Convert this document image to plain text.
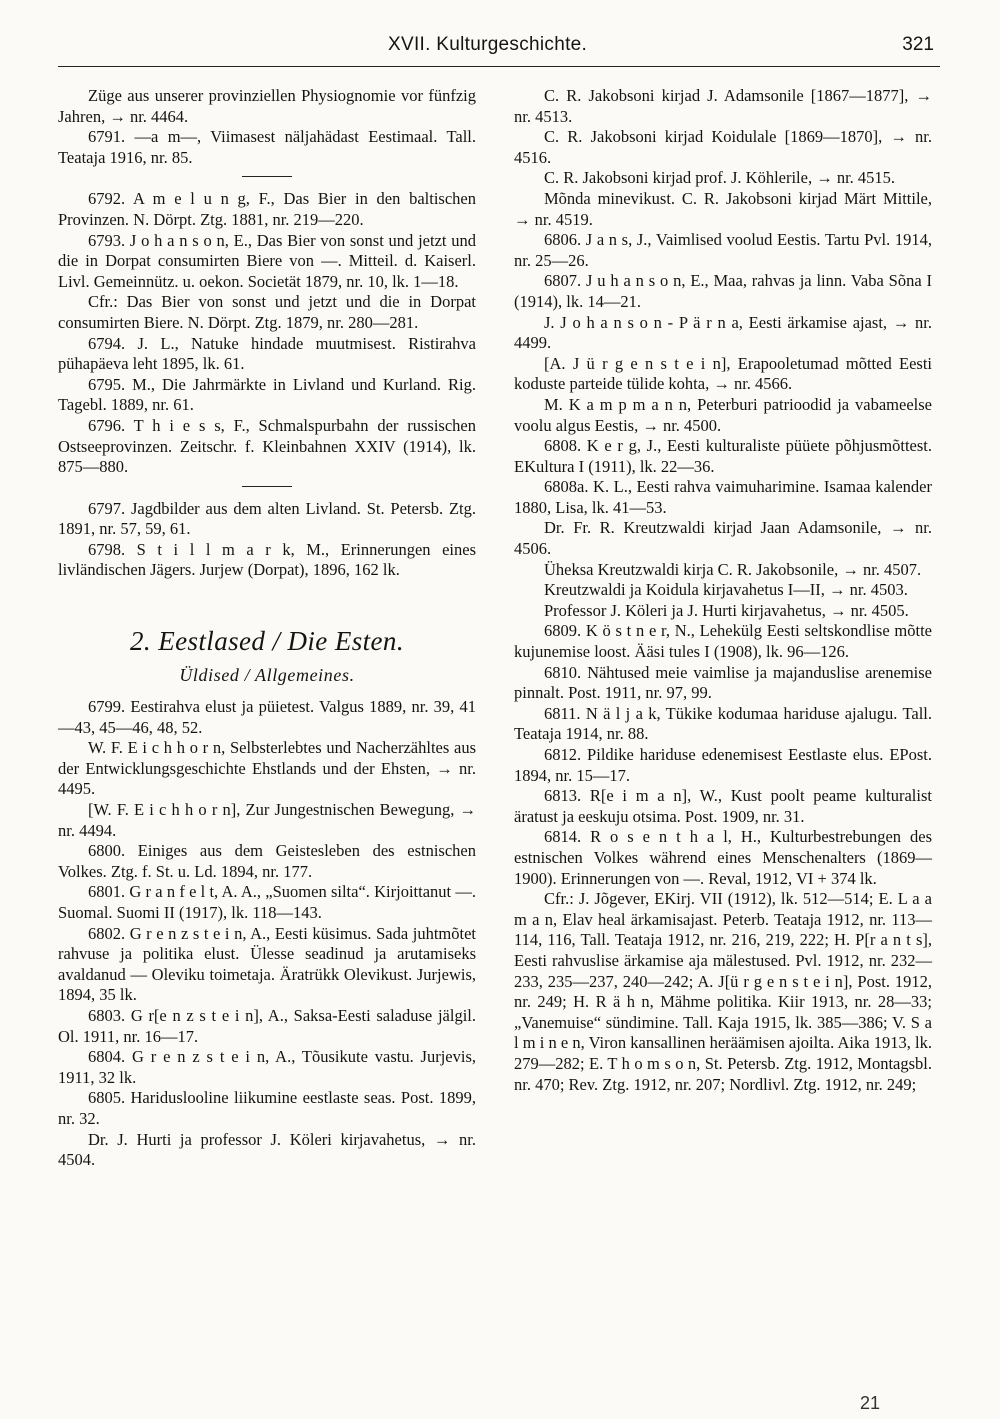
XVII. Kulturgeschichte.	321

Züge aus unserer provinziellen Physiognomie vor fünfzig Jahren, → nr. 4464.

6791. —a m—, Viimasest näljahädast Eestimaal. Tall. Teataja 1916, nr. 85.

6792. A m e l u n g, F., Das Bier in den baltischen Provinzen. N. Dörpt. Ztg. 1881, nr. 219—220.

6793. J o h a n s o n, E., Das Bier von sonst und jetzt und die in Dorpat consumirten Biere von —. Mitteil. d. Kaiserl. Livl. Gemeinnütz. u. oekon. Societät 1879, nr. 10, lk. 1—18.

Cfr.: Das Bier von sonst und jetzt und die in Dorpat consumirten Biere. N. Dörpt. Ztg. 1879, nr. 280—281.

6794. J. L., Natuke hindade muutmisest. Ristirahva pühapäeva leht 1895, lk. 61.

6795. M., Die Jahrmärkte in Livland und Kurland. Rig. Tagebl. 1889, nr. 61.

6796. T h i e s s, F., Schmalspurbahn der russischen Ostseeprovinzen. Zeitschr. f. Kleinbahnen XXIV (1914), lk. 875—880.

6797. Jagdbilder aus dem alten Livland. St. Petersb. Ztg. 1891, nr. 57, 59, 61.

6798. S t i l l m a r k, M., Erinnerungen eines livländischen Jägers. Jurjew (Dorpat), 1896, 162 lk.

2. Eestlased / Die Esten.
Üldised / Allgemeines.

6799. Eestirahva elust ja püietest. Valgus 1889, nr. 39, 41—43, 45—46, 48, 52.

W. F. E i c h h o r n, Selbsterlebtes und Nacherzähltes aus der Entwicklungsgeschichte Ehstlands und der Ehsten, → nr. 4495.

[W. F. E i c h h o r n], Zur Jungestnischen Bewegung, → nr. 4494.

6800. Einiges aus dem Geistesleben des estnischen Volkes. Ztg. f. St. u. Ld. 1894, nr. 177.

6801. G r a n f e l t, A. A., „Suomen silta“. Kirjoittanut —. Suomal. Suomi II (1917), lk. 118—143.

6802. G r e n z s t e i n, A., Eesti küsimus. Sada juhtmõtet rahvuse ja politika elust. Ülesse seadinud ja arutamiseks avaldanud — Oleviku toimetaja. Äratrükk Olevikust. Jurjewis, 1894, 35 lk.

6803. G r[e n z s t e i n], A., Saksa-Eesti saladuse jälgil. Ol. 1911, nr. 16—17.

6804. G r e n z s t e i n, A., Tõusikute vastu. Jurjevis, 1911, 32 lk.

6805. Hariduslooline liikumine eestlaste seas. Post. 1899, nr. 32.

Dr. J. Hurti ja professor J. Köleri kirjavahetus, → nr. 4504.

C. R. Jakobsoni kirjad J. Adamsonile [1867—1877], → nr. 4513.

C. R. Jakobsoni kirjad Koidulale [1869—1870], → nr. 4516.

C. R. Jakobsoni kirjad prof. J. Köhlerile, → nr. 4515.

Mõnda minevikust. C. R. Jakobsoni kirjad Märt Mittile, → nr. 4519.

6806. J a n s, J., Vaimlised voolud Eestis. Tartu Pvl. 1914, nr. 25—26.

6807. J u h a n s o n, E., Maa, rahvas ja linn. Vaba Sõna I (1914), lk. 14—21.

J. J o h a n s o n - P ä r n a, Eesti ärkamise ajast, → nr. 4499.

[A. J ü r g e n s t e i n], Erapooletumad mõtted Eesti koduste parteide tülide kohta, → nr. 4566.

M. K a m p m a n n, Peterburi patrioodid ja vabameelse voolu algus Eestis, → nr. 4500.

6808. K e r g, J., Eesti kulturaliste püüete põhjusmõttest. EKultura I (1911), lk. 22—36.

6808a. K. L., Eesti rahva vaimuharimine. Isamaa kalender 1880, Lisa, lk. 41—53.

Dr. Fr. R. Kreutzwaldi kirjad Jaan Adamsonile, → nr. 4506.

Üheksa Kreutzwaldi kirja C. R. Jakobsonile, → nr. 4507.

Kreutzwaldi ja Koidula kirjavahetus I—II, → nr. 4503.

Professor J. Köleri ja J. Hurti kirjavahetus, → nr. 4505.

6809. K ö s t n e r, N., Lehekülg Eesti seltskondlise mõtte kujunemise loost. Ääsi tules I (1908), lk. 96—126.

6810. Nähtused meie vaimlise ja majanduslise arenemise pinnalt. Post. 1911, nr. 97, 99.

6811. N ä l j a k, Tükike kodumaa hariduse ajalugu. Tall. Teataja 1914, nr. 88.

6812. Pildike hariduse edenemisest Eestlaste elus. EPost. 1894, nr. 15—17.

6813. R[e i m a n], W., Kust poolt peame kulturalist äratust ja eeskuju otsima. Post. 1909, nr. 31.

6814. R o s e n t h a l, H., Kulturbestrebungen des estnischen Volkes während eines Menschenalters (1869—1900). Erinnerungen von —. Reval, 1912, VI + 374 lk.

Cfr.: J. Jõgever, EKirj. VII (1912), lk. 512—514; E. L a a m a n, Elav heal ärkamisajast. Peterb. Teataja 1912, nr. 113—114, 116, Tall. Teataja 1912, nr. 216, 219, 222; H. P[r a n t s], Eesti rahvuslise ärkamise aja mälestused. Pvl. 1912, nr. 232—233, 235—237, 240—242; A. J[ü r g e n s t e i n], Post. 1912, nr. 249; H. R ä h n, Mähme politika. Kiir 1913, nr. 28—33; „Vanemuise“ sündimine. Tall. Kaja 1915, lk. 385—386; V. S a l m i n e n, Viron kansallinen heräämisen ajoilta. Aika 1913, lk. 279—282; E. T h o m s o n, St. Petersb. Ztg. 1912, Montagsbl. nr. 470; Rev. Ztg. 1912, nr. 207; Nordlivl. Ztg. 1912, nr. 249;

21
